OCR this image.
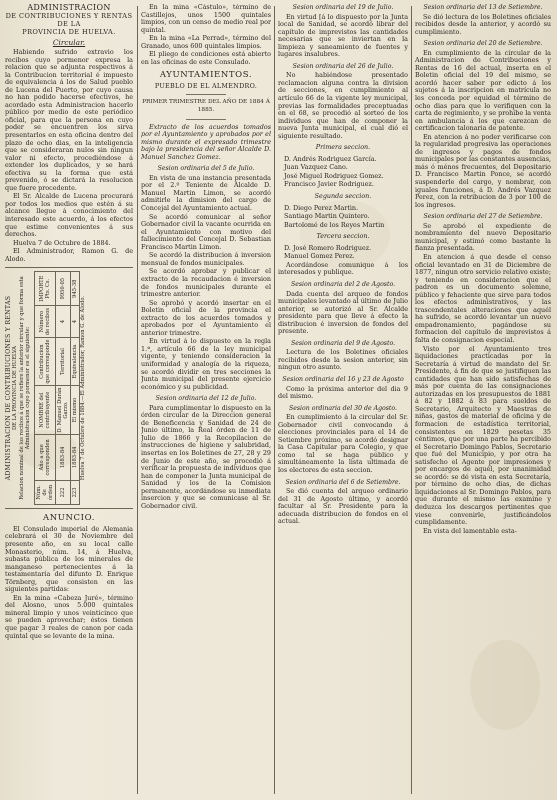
ADMINISTRACION
DE CONTRIBUCIONES Y RENTAS
DE LA
PROVINCIA DE HUELVA.
Circular.

Habiendo sufrido extravio los recibos cuyo pormenor expresa la relacion que se adjunta respectivos á la Contribucion territorial é impuesto de equivalencia á los de Salud pueblo de Lucena del Puerto, por cuyo causa no han podido hacerse efectivos, he acordado esta Administracion hacerlo público por medio de este periódico oficial, para que la persona en cuyo poder se encuentren los sirva presentarlos en esta oficina dentro del plazo de ocho dias, en la inteligencia que se consideraran nulos sin ningun valor ni efecto, procediéndose á extender los duplicados, y se hará efectiva su la forma que está prevenido, ó se dictará la resolucion que fuere procedente.

El Sr. Alcalde de Lucena procurará por todos los medios que estén á su alcance llegue á conocimiento del interesado este acuerdo, á los efectos que estime convenientes á sus derechos.

Huelva 7 de Octubre de 1884.

El Administrador, Ramon G. de Alodo.

ADMINISTRACION DE CONTRIBUCIONES Y RENTAS DE LA PROVINCIA DE HUELVA Relacion nominal de los recibos á que se refiere la anterior circular y que forma esta Administracion cuyo pormenor es el siguiente:
Núm. de órden	Año a que corresponden	NOMBRE del contribuyente	Contribucion que corresponde	Número de recibos	IMPORTE Pts. Cs.
222	1883-84	D. Manuel Durán Garzo.	Territorial	4	9950-05
223	1883-84	El mismo	Equivalencia	4	945-38
Huelva 7 de Octubre de 1884.—El Administrador, Ramon G. de Alodo.
ANUNCIO.

El Consulado imperial de Alemania celebrará el 30 de Noviembre del presente año, en su local calle Monasterio, núm. 14, á Huelva, subasta pública de los minerales de manganeso pertenecientes á la testamentaría del difunto D. Enrique Törnberg, que consisten en las siguientes partidas:

En la mina «Cabeza Juré», término del Alosno, unos 5.000 quintales mineral limpio y unos veinticinco que se pueden aprovechar; éstos tienen que pagar 3 reales de canon por cada quintal que se levante de la mina.

En la mina «Cástulo», término de Castillejos, unos 1500 quintales limpios, con un censo de medio real por quintal.

En la mina «La Perrad», término del Granado, unos 600 quintales limpios.

El pliego de condiciones está abierto en las oficinas de este Consulado.

AYUNTAMIENTOS.
PUEBLO DE EL ALMENDRO.
PRIMER TRIMESTRE DEL AÑO DE 1884 Á 1885.

Extracto de los acuerdos tomados por el Ayuntamiento y aprobados por el mismo durante el expresado trimestre bajo la presidencia del señor Alcalde D. Manuel Sanchez Gomez.

Sesion ordinaria del 5 de Julio.

En vista de una instancia presentada por el 2.º Teniente de Alcalde D. Manuel Martin Limon, se acordó admitirle la dimision del cargo de Concejal del Ayuntamiento actual.

Se acordó comunicar al señor Gobernador civil la vacante ocurrida en el Ayuntamiento con motivo del fallecimiento del Concejal D. Sebastian Francisco Martin Limon.

Se acordó la distribucion á inversion mensual de fondos municipales.

Se acordó aprobar y publicar el extracto de la recaudacion é inversion de fondos municipales durante el trimestre anterior.

Se aprobó y acordó insertar en el Boletin oficial de la provincia el extracto de los acuerdos tomados y aprobados por el Ayuntamiento el anterior trimestre.

En virtud á lo dispuesto en la regla 1.ª, artículo 66 de la ley municipal vigente, y teniendo consideracion la uniformidad y analogía de la riqueza, se acordó dividir en tres secciones la Junta municipal del presente ejercicio económico y su publicidad.

Sesion ordinaria del 12 de Julio.

Para cumplimentar lo dispuesto en la órden circular de la Direccion general de Beneficencia y Sanidad de 24 de Junio último, la Real órden de 11 de Julio de 1866 y la Recopilacion de instrucciones de higiene y salubridad, insertas en los Boletines de 27, 28 y 29 de Junio de este año, se procedió á verificar la propuesta de individuos que han de componer la Junta municipal de Sanidad y los de la Comision permanente, acordándose su inmediata insercion y que se comunicase al Sr. Gobernador civil.

Sesion ordinaria del 19 de Julio.

En virtud [á lo dispuesto por la Junta local de Sanidad, se acordó librar del capítulo de imprevistos las cantidades necesarias que se inviertan en la limpieza y saneamiento de fuentes y lugares insalubres.

Sesion ordinaria del 26 de Julio.

No habiéndose presentado reclamacion alguna contra la division de secciones, en cumplimiento al artículo 66 de la vigente ley municipal, previas las formalidades preceptuadas en el 68, se procedió al sorteo de los individuos que han de componer la nueva Junta municipal, el cual dió el siguiente resultado.

Primera seccion.

D. Andrés Rodriguez García.

Juan Vazquez Cano.

José Miguel Rodriguez Gomez.

Francisco Javier Rodriguez.

Segunda seccion.

D. Diego Perez Martin.

Santiago Martin Quintero.

Bartolomé de los Reyes Martin

Tercera seccion.

D. José Romero Rodriguez.

Manuel Gomez Perez.

Acordándose comunique á los interesados y publique.

Sesion ordinaria del 2 de Agosto.

Dada cuenta del arqueo de fondos municipales levantado al último de Julio anterior, se autorizó al Sr. Alcalde presidente para que lleve á efecto la distribucion é inversion de fondos del presente.

Sesion ordinaria del 9 de Agosto.

Lectura de los Boletines oficiales recibidos desde la sesion anterior, sin ningun otro asunto.

Sesion ordinaria del 16 y 23 de Agosto

Como la próxima anterior del dia 9 del mismo.

Sesion ordinaria del 30 de Agosto.

En cumplimiento á la circular del Sr. Gobernador civil convocando á elecciones provinciales para el 14 de Setiembre próximo, se acordó designar la Casa Capitular para Colegio, y que como tal se haga público y simultáneamente la lista ultimada de los electores de esta seccion.

Sesion ordinaria del 6 de Setiembre.

Se dió cuenta del arqueo ordinario del 31 de Agosto último, y acordó facultar al Sr. Presidente para la adecuada distribucion de fondos en el actual.

Sesion ordinaria del 13 de Setiembre.

Se dió lectura de los Boletines oficiales recibidos desde la anterior, y acordó su cumplimiento.

Sesion ordinaria del 20 de Setiembre.

En cumplimiento de la circular de la Administracion de Contribuciones y Rentas de 16 del actual, inserta en el Boletin oficial del 19 del mismo, se acordó hacer saber por edicto á los sujetos á la inscripcion en matrícula no les conceda por equidad el término de ocho dias para que lo verifiquen con la carta de regimiento, y se prohibe la venta en ambulancia á los que carezcan de certificacion talonaria de patente.

En atencion á no poder verificarse con la regularidad progresiva las operaciones de ingresos y pagos de fondos municipales por las constantes ausencias, más ó ménos frecuentes, del Depositario D. Francisco Martin Ponce, se acordó suspenderle del cargo, y nombrar, con iguales funciones, á D. Andrés Vazquez Perez, con la retribucion de 3 por 100 de los ingresos.

Sesion ordinaria del 27 de Setiembre.

Se aprobó el expediente de nombramiento del nuevo Depositario municipal, y estimó como bastante la fianza presentada.

En atencion á que desde el censo oficial levantado en 31 de Diciembre de 1877, ningun otro servicio relativo existe; y teniendo en consideracion que el padron es un documento solemne, público y fehaciente que sirve para todos los efectos administrativos, y las trascendentales alteraciones que aquél ha sufrido, se acordó levantar un nuevo empadronamiento, pagándose su formacion del capítulo de imprevistos á falta de consignacion especial.

Visto por el Ayuntamiento tres liquidaciones practicadas por la Secretaría á virtud de mandato del Sr. Presidente, á fin de que se justifiquen las cantidades que han sido satisfechas de más por cuenta de las consignaciones autorizadas en los presupuestos de 1881 á 82 y 1882 á 83 para sueldos de Secretario, Arquitecto y Maestras de niñas, gastos de material de oficina y de formacion de estadística territorial, consistentes en 1829 pesetas 35 céntimos, que por una parte ha percibido el Secretario Domingo Pablos, Secretario que fué del Municipio, y por otra ha satisfecho el Agente por impresiones y por encargos de aquél, por unanimidad se acordó: se dé vista en esta Secretaría, por término de ocho dias, de dichas liquidaciones al Sr. Domingo Pablos, para que durante el mismo las examine y deduzca los descargos pertinentes que viese convenirle, justificándolos cumplidamente.

En vista del lamentable esta-
